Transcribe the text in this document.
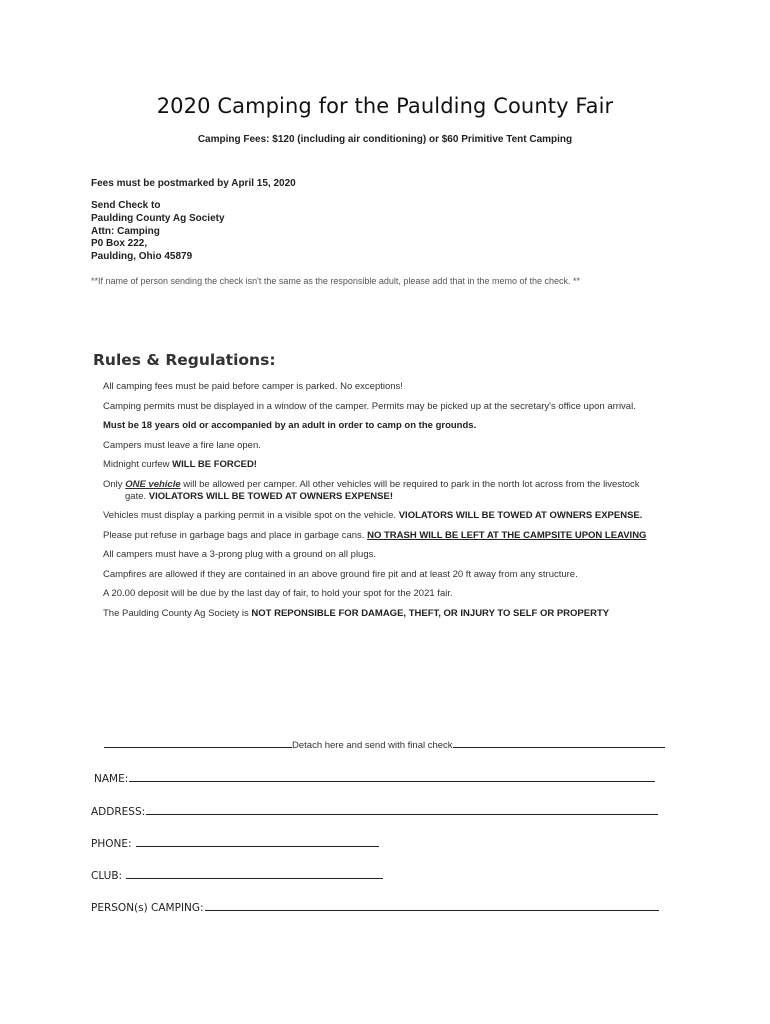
2020 Camping for the Paulding County Fair
Camping Fees: $120 (including air conditioning) or $60 Primitive Tent Camping
Fees must be postmarked by April 15, 2020
Send Check to
Paulding County Ag Society
Attn: Camping
P0 Box 222,
Paulding, Ohio 45879
**If name of person sending the check isn't the same as the responsible adult, please add that in the memo of the check. **
Rules & Regulations:

All camping fees must be paid before camper is parked. No exceptions!

Camping permits must be displayed in a window of the camper. Permits may be picked up at the secretary's office upon arrival.

Must be 18 years old or accompanied by an adult in order to camp on the grounds.

Campers must leave a fire lane open.

Midnight curfew WILL BE FORCED!

Only ONE vehicle will be allowed per camper. All other vehicles will be required to park in the north lot across from the livestock gate. VIOLATORS WILL BE TOWED AT OWNERS EXPENSE!

Vehicles must display a parking permit in a visible spot on the vehicle. VIOLATORS WILL BE TOWED AT OWNERS EXPENSE.

Please put refuse in garbage bags and place in garbage cans. NO TRASH WILL BE LEFT AT THE CAMPSITE UPON LEAVING

All campers must have a 3-prong plug with a ground on all plugs.

Campfires are allowed if they are contained in an above ground fire pit and at least 20 ft away from any structure.

A 20.00 deposit will be due by the last day of fair, to hold your spot for the 2021 fair.

The Paulding County Ag Society is NOT REPONSIBLE FOR DAMAGE, THEFT, OR INJURY TO SELF OR PROPERTY

Detach here and send with final check
NAME:
ADDRESS:
PHONE:
CLUB:
PERSON(s) CAMPING:
